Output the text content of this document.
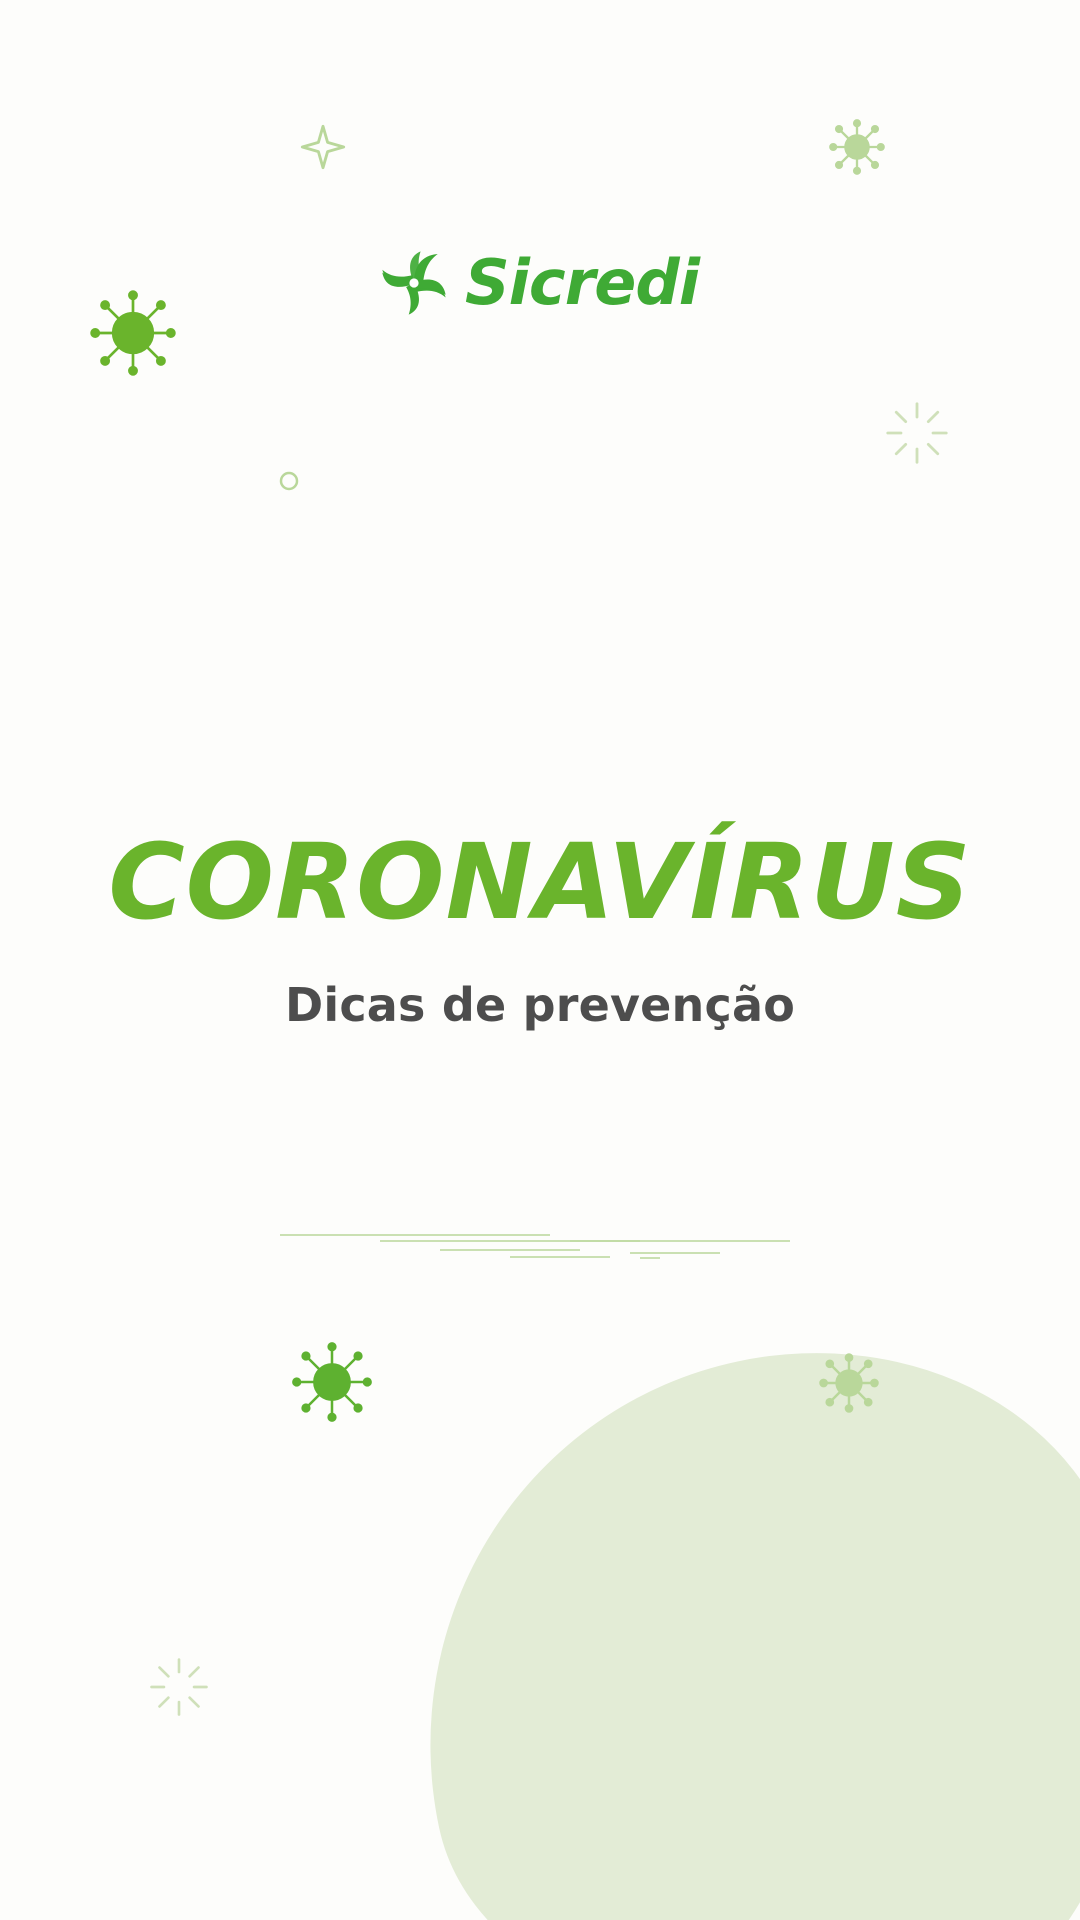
Sicredi
CORONAVÍRUS

Dicas de prevenção
